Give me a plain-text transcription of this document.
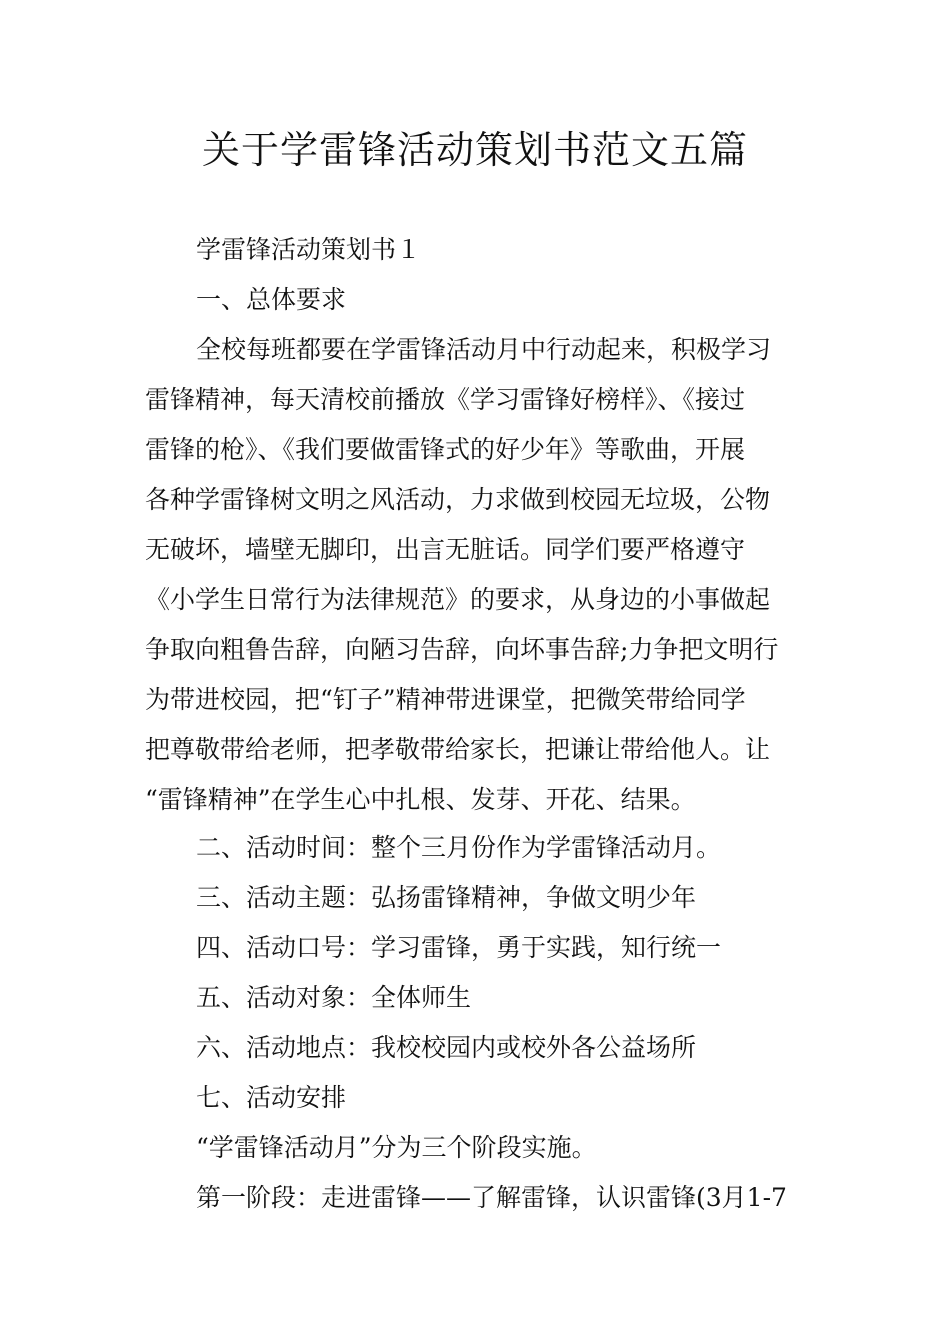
关于学雷锋活动策划书范文五篇

学雷锋活动策划书１

一、总体要求

全校每班都要在学雷锋活动月中行动起来，积极学习

雷锋精神，每天清校前播放《学习雷锋好榜样》、《接过

雷锋的枪》、《我们要做雷锋式的好少年》等歌曲，开展

各种学雷锋树文明之风活动，力求做到校园无垃圾，公物

无破坏，墙壁无脚印，出言无脏话。同学们要严格遵守

《小学生日常行为法律规范》的要求，从身边的小事做起

争取向粗鲁告辞，向陋习告辞，向坏事告辞;力争把文明行

为带进校园，把“钉子”精神带进课堂，把微笑带给同学

把尊敬带给老师，把孝敬带给家长，把谦让带给他人。让

“雷锋精神”在学生心中扎根、发芽、开花、结果。

二、活动时间：整个三月份作为学雷锋活动月。

三、活动主题：弘扬雷锋精神，争做文明少年

四、活动口号：学习雷锋，勇于实践，知行统一

五、活动对象：全体师生

六、活动地点：我校校园内或校外各公益场所

七、活动安排

“学雷锋活动月”分为三个阶段实施。

第一阶段：走进雷锋——了解雷锋，认识雷锋(3月1-7
